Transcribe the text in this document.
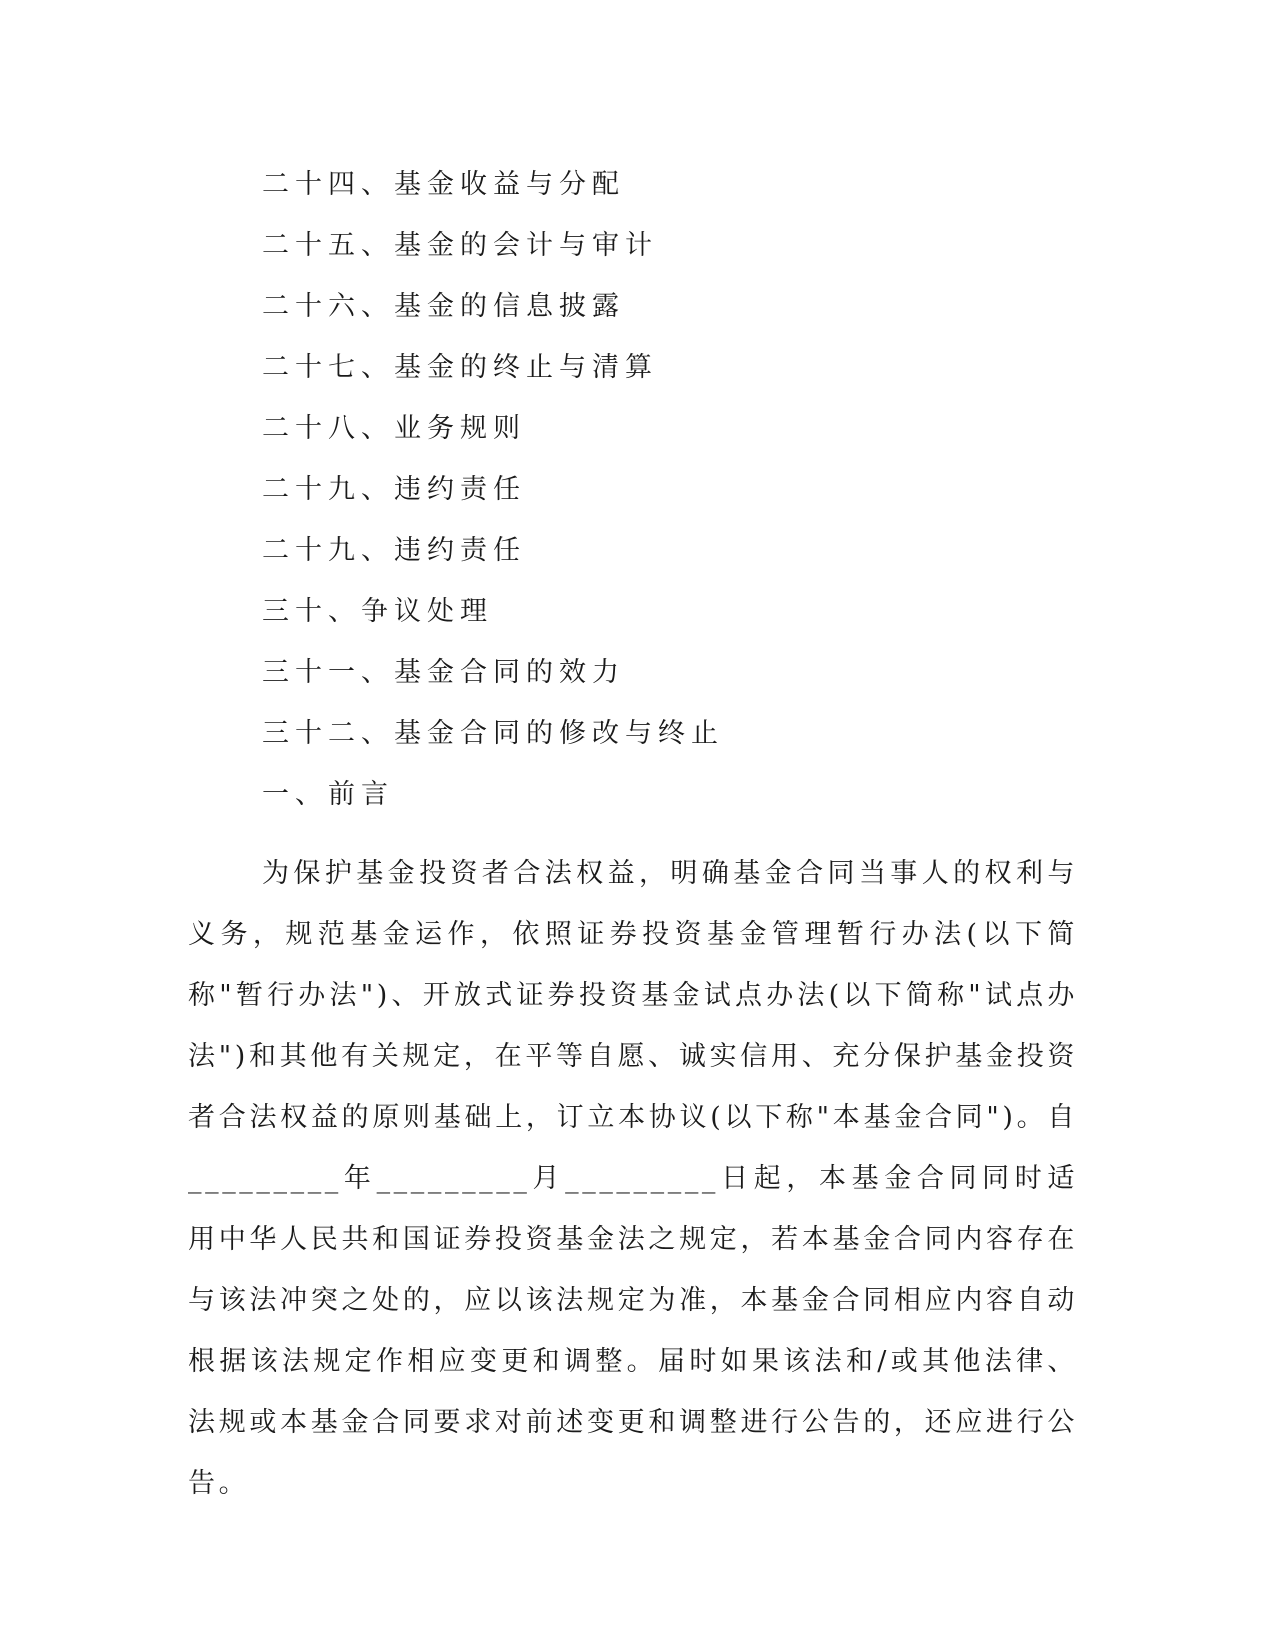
二十四、基金收益与分配
二十五、基金的会计与审计
二十六、基金的信息披露
二十七、基金的终止与清算
二十八、业务规则
二十九、违约责任
二十九、违约责任
三十、争议处理
三十一、基金合同的效力
三十二、基金合同的修改与终止
一、前言

为保护基金投资者合法权益，明确基金合同当事人的权利与义务，规范基金运作，依照证券投资基金管理暂行办法(以下简称"暂行办法")、开放式证券投资基金试点办法(以下简称"试点办法")和其他有关规定，在平等自愿、诚实信用、充分保护基金投资者合法权益的原则基础上，订立本协议(以下称"本基金合同")。自_________年_________月_________日起，本基金合同同时适用中华人民共和国证券投资基金法之规定，若本基金合同内容存在与该法冲突之处的，应以该法规定为准，本基金合同相应内容自动根据该法规定作相应变更和调整。届时如果该法和/或其他法律、法规或本基金合同要求对前述变更和调整进行公告的，还应进行公告。
